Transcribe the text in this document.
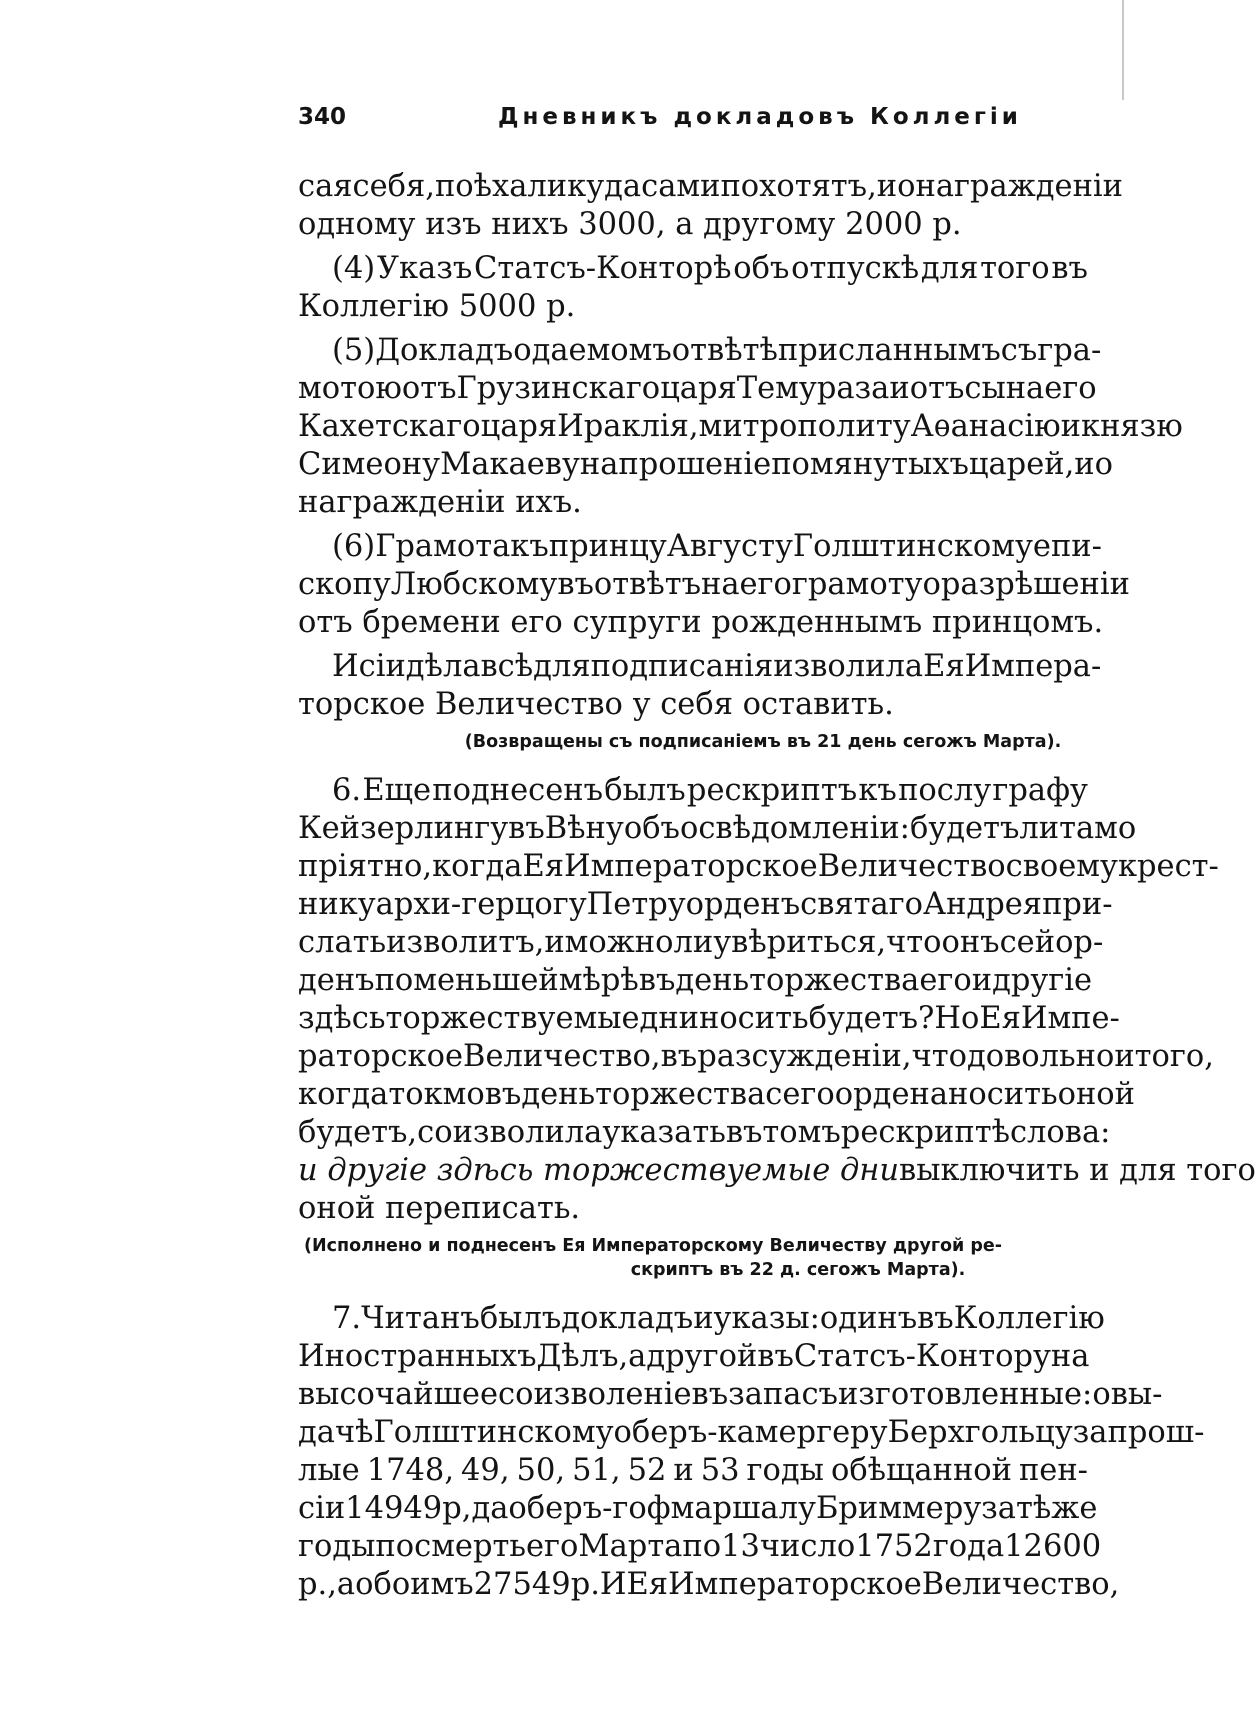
340	Дневникъ докладовъ Коллегіи
сая себя, поѣхали куда сами похотятъ, и о награжденіи
одному изъ нихъ 3000, а другому 2000 р.
(4) Указъ Статсъ-Конторѣ объ отпускѣ для того въ
Коллегію 5000 р.
(5) Докладъ о даемомъ отвѣтѣ присланнымъ съ гра-
мотою отъ Грузинскаго царя Темураза и отъ сына его
Кахетскаго царя Ираклія, митрополиту Аѳанасію и князю
Симеону Макаеву на прошеніе помянутыхъ царей, и о
награжденіи ихъ.
(6) Грамота къ принцу Августу Голштинскому епи-
скопу Любскому въ отвѣтъ на его грамоту о разрѣшеніи
отъ бремени его супруги рожденнымъ принцомъ.
И сіи дѣла всѣ для подписанія изволила Ея Импера-
торское Величество у себя оставить.
(Возвращены съ подписаніемъ въ 21 день сегожъ Марта).
6. Еще поднесенъ былъ рескриптъ къ послу графу
Кейзерлингу въ Вѣну объ освѣдомленіи: будетъ ли тамо
пріятно, когда Ея Императорское Величество своему крест-
нику архи-герцогу Петру орденъ святаго Андрея при-
слать изволитъ, и можно ли увѣриться, что онъ сей ор-
денъ по меньшей мѣрѣ въ день торжества его и другіе
здѣсь торжествуемые дни носить будетъ? Но Ея Импе-
раторское Величество, въ разсужденіи, что довольно и того,
когда токмо въ день торжества сего ордена носить оной
будетъ, соизволила указать въ томъ рескриптѣ слова:
и другіе здѣсь торжествуемые дни выключить и для того
оной переписать.
(Исполнено и поднесенъ Ея Императорскому Величеству другой ре-
скриптъ въ 22 д. сегожъ Марта).
7. Читанъ былъ докладъ и указы: одинъ въ Коллегію
Иностранныхъ Дѣлъ, а другой въ Статсъ-Контору на
высочайшее соизволеніе въ запасъ изготовленные: о вы-
дачѣ Голштинскому оберъ-камергеру Берхгольцу за прош-
лые 1748, 49, 50, 51, 52 и 53 годы обѣщанной пен-
сіи 14949 р, да оберъ-гофмаршалу Бриммеру за тѣ же
годы по смерть его Марта по 13 число 1752 года 12600
р., а обоимъ 27549 р. И Ея Императорское Величество,
